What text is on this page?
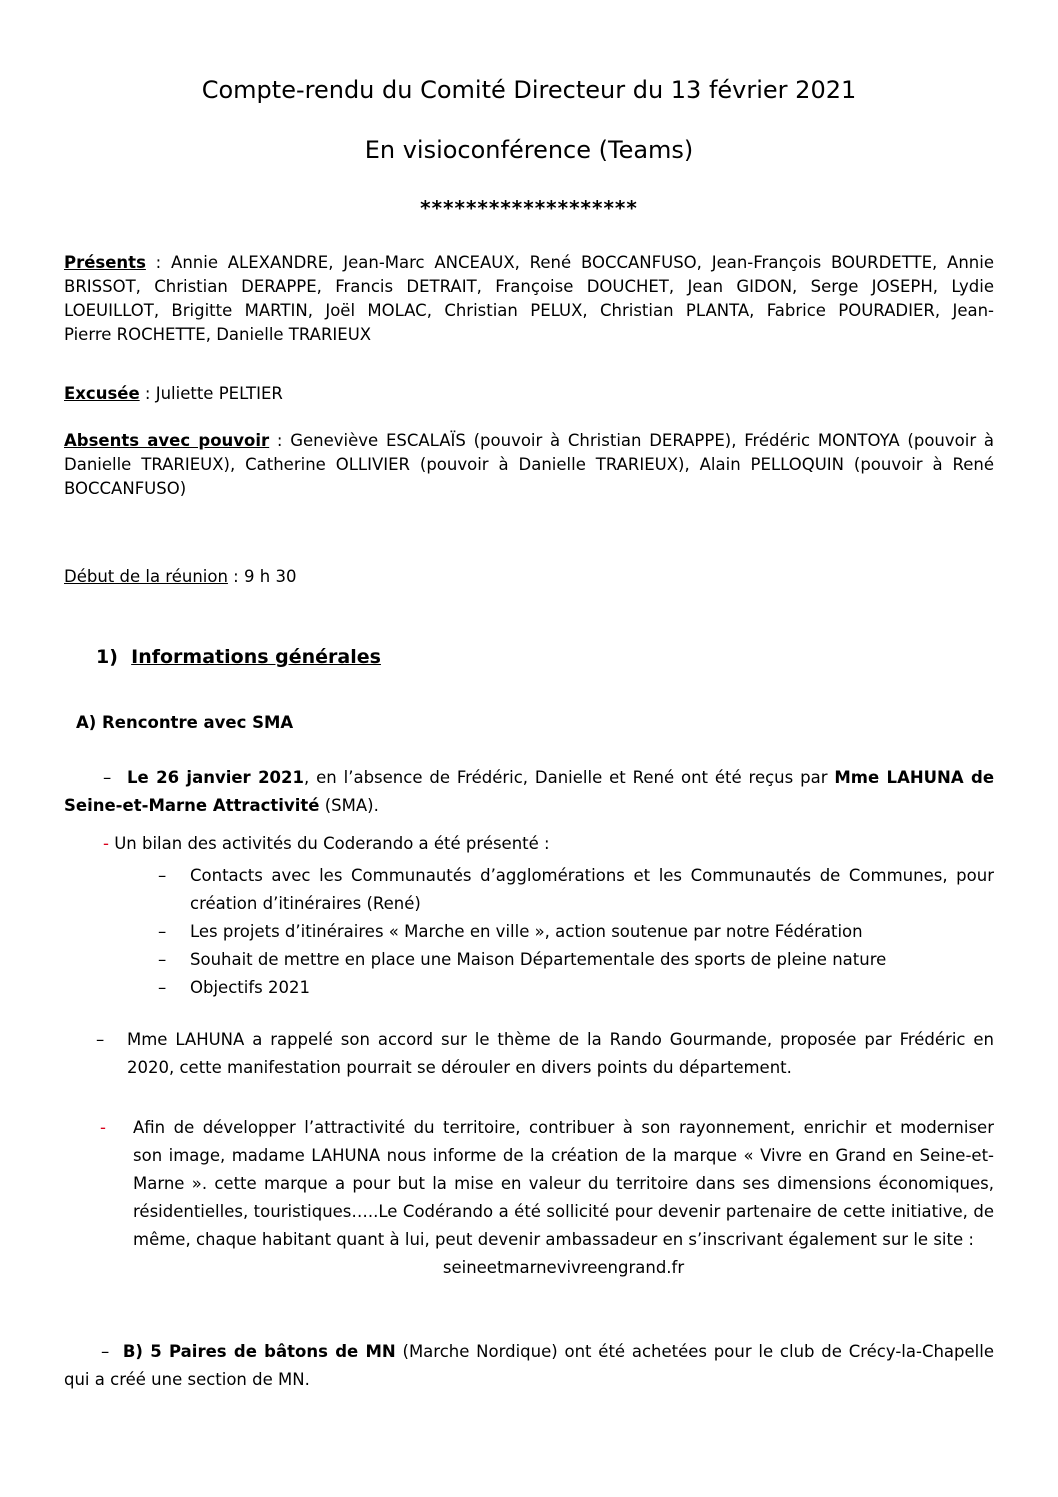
Compte-rendu du Comité Directeur du 13 février 2021

En visioconférence (Teams)

*******************

Présents : Annie ALEXANDRE, Jean-Marc ANCEAUX, René BOCCANFUSO, Jean-François BOURDETTE, Annie
BRISSOT, Christian DERAPPE, Francis DETRAIT, Françoise DOUCHET, Jean GIDON, Serge JOSEPH, Lydie
LOEUILLOT, Brigitte MARTIN, Joël MOLAC, Christian PELUX, Christian PLANTA, Fabrice POURADIER, Jean-
Pierre ROCHETTE, Danielle TRARIEUX
Excusée : Juliette PELTIER
Absents avec pouvoir : Geneviève ESCALAÏS (pouvoir à Christian DERAPPE), Frédéric MONTOYA (pouvoir à
Danielle TRARIEUX), Catherine OLLIVIER (pouvoir à Danielle TRARIEUX), Alain PELLOQUIN (pouvoir à René
BOCCANFUSO)
Début de la réunion : 9 h 30

1) Informations générales

A) Rencontre avec SMA

– Le 26 janvier 2021, en l’absence de Frédéric, Danielle et René ont été reçus par Mme LAHUNA de
Seine-et-Marne Attractivité (SMA).

- Un bilan des activités du Coderando a été présenté :

– Contacts avec les Communautés d’agglomérations et les Communautés de Communes, pour
création d’itinéraires (René)
– Les projets d’itinéraires « Marche en ville », action soutenue par notre Fédération

– Souhait de mettre en place une Maison Départementale des sports de pleine nature

– Objectifs 2021

– Mme LAHUNA a rappelé son accord sur le thème de la Rando Gourmande, proposée par Frédéric en
2020, cette manifestation pourrait se dérouler en divers points du département.
- Afin de développer l’attractivité du territoire, contribuer à son rayonnement, enrichir et moderniser
son image, madame LAHUNA nous informe de la création de la marque « Vivre en Grand en Seine-et-
Marne ». cette marque a pour but la mise en valeur du territoire dans ses dimensions économiques,
résidentielles, touristiques…..Le Codérando a été sollicité pour devenir partenaire de cette initiative, de
même, chaque habitant quant à lui, peut devenir ambassadeur en s’inscrivant également sur le site :
seineetmarnevivreengrand.fr
– B) 5 Paires de bâtons de MN (Marche Nordique) ont été achetées pour le club de Crécy-la-Chapelle

qui a créé une section de MN.
